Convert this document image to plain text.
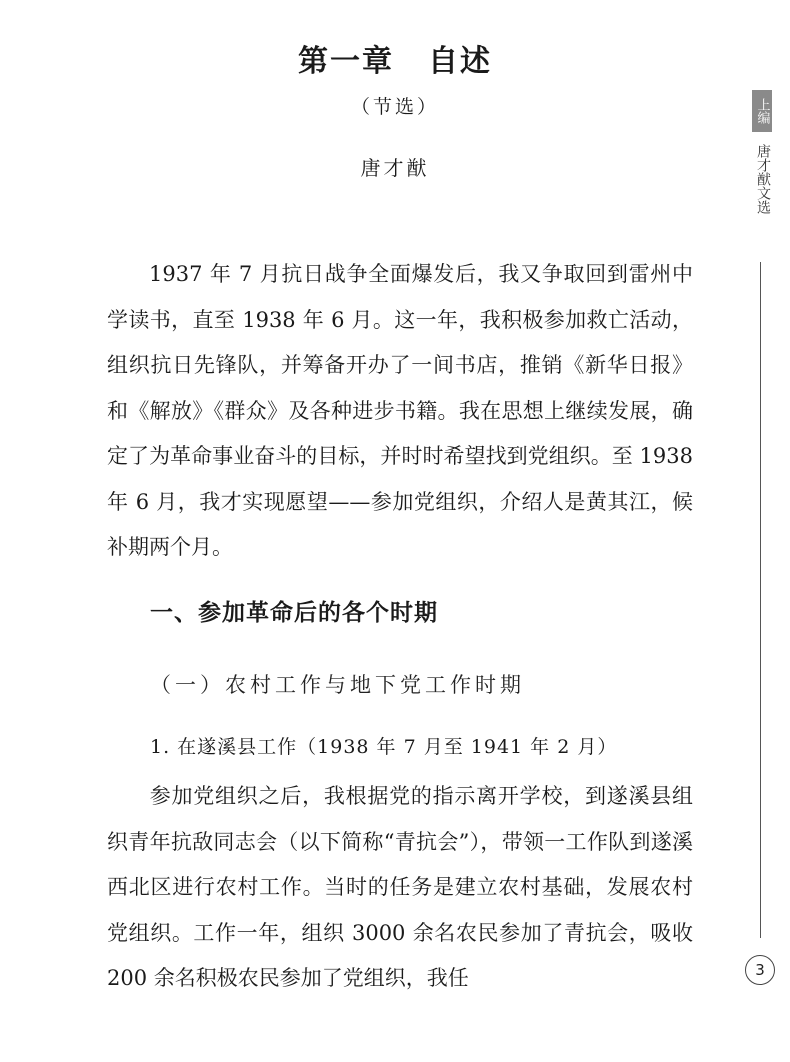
第一章 自述
（节选）
唐才猷

1937 年 7 月抗日战争全面爆发后，我又争取回到雷州中学读书，直至 1938 年 6 月。这一年，我积极参加救亡活动，组织抗日先锋队，并筹备开办了一间书店，推销《新华日报》和《解放》《群众》及各种进步书籍。我在思想上继续发展，确定了为革命事业奋斗的目标，并时时希望找到党组织。至 1938 年 6 月，我才实现愿望——参加党组织，介绍人是黄其江，候补期两个月。

一、参加革命后的各个时期
（一）农村工作与地下党工作时期
1. 在遂溪县工作（1938 年 7 月至 1941 年 2 月）

参加党组织之后，我根据党的指示离开学校，到遂溪县组织青年抗敌同志会（以下简称“青抗会”），带领一工作队到遂溪西北区进行农村工作。当时的任务是建立农村基础，发展农村党组织。工作一年，组织 3000 余名农民参加了青抗会，吸收 200 余名积极农民参加了党组织，我任

上编
唐才猷文选
3
